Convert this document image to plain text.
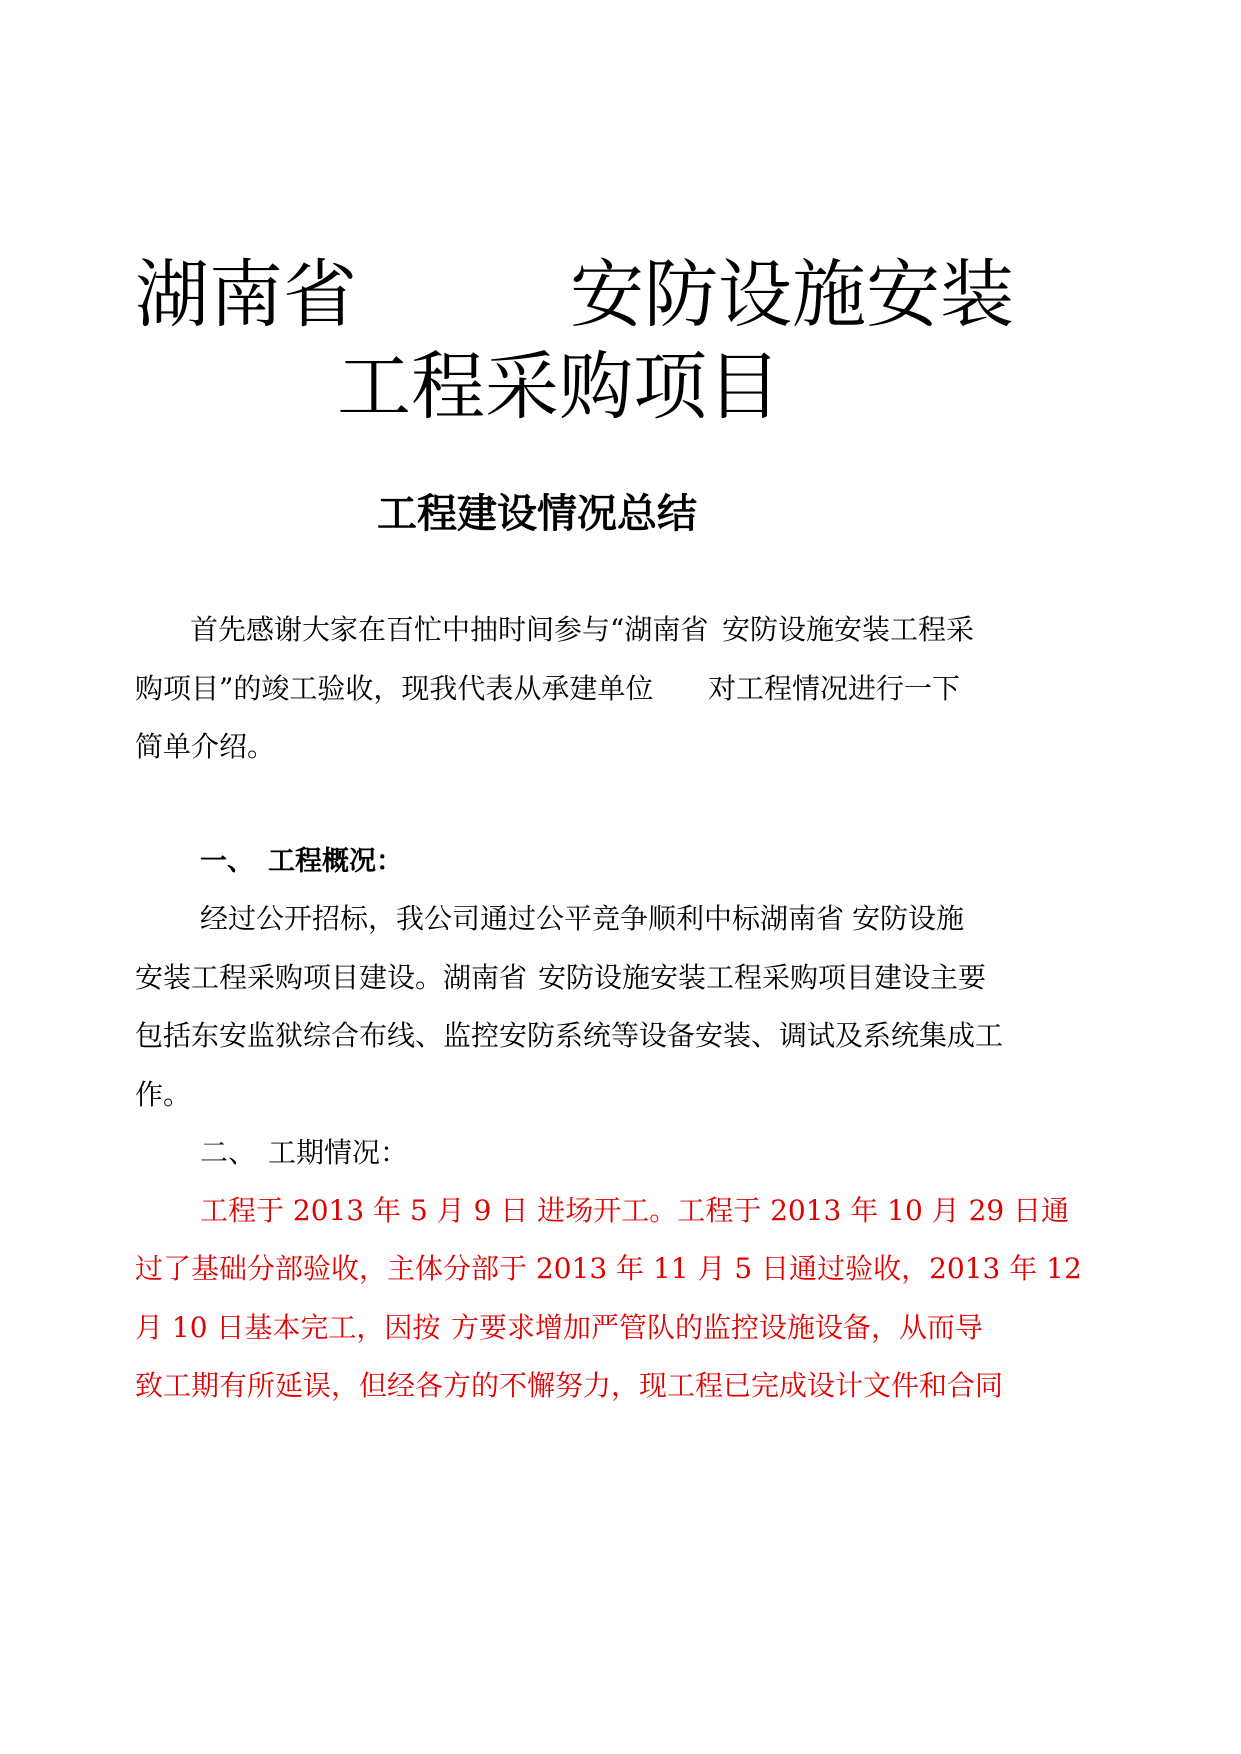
湖南省	安防设施安装
工程采购项目
工程建设情况总结
首先感谢大家在百忙中抽时间参与“湖南省 安防设施安装工程采
购项目”的竣工验收，现我代表从承建单位 对工程情况进行一下
简单介绍。
一、 工程概况：
经过公开招标，我公司通过公平竞争顺利中标湖南省 安防设施
安装工程采购项目建设。湖南省 安防设施安装工程采购项目建设主要
包括东安监狱综合布线、监控安防系统等设备安装、调试及系统集成工
作。
二、 工期情况：
工程于 2013 年 5 月 9 日 进场开工。工程于 2013 年 10 月 29 日通
过了基础分部验收，主体分部于 2013 年 11 月 5 日通过验收，2013 年 12
月 10 日基本完工，因按 方要求增加严管队的监控设施设备，从而导
致工期有所延误，但经各方的不懈努力，现工程已完成设计文件和合同
